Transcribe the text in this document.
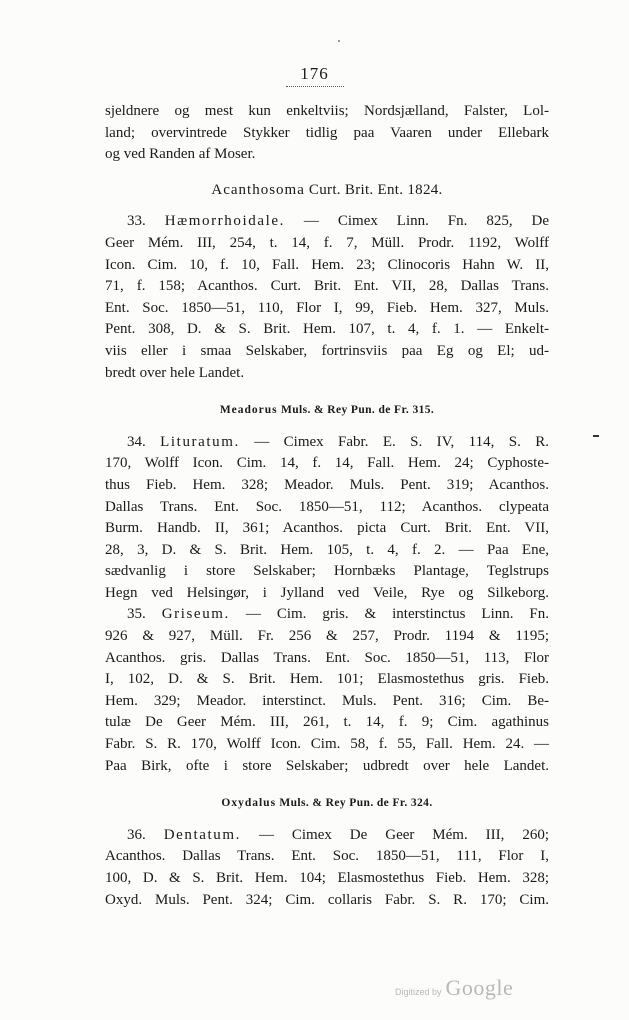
176
sjeldnere og mest kun enkeltviis; Nordsjælland, Falster, Lol-
land; overvintrede Stykker tidlig paa Vaaren under Ellebark
og ved Randen af Moser.
Acanthosoma Curt. Brit. Ent. 1824.
33. Hæmorrhoidale. — Cimex Linn. Fn. 825, De
Geer Mém. III, 254, t. 14, f. 7, Müll. Prodr. 1192, Wolff
Icon. Cim. 10, f. 10, Fall. Hem. 23; Clinocoris Hahn W. II,
71, f. 158; Acanthos. Curt. Brit. Ent. VII, 28, Dallas Trans.
Ent. Soc. 1850—51, 110, Flor I, 99, Fieb. Hem. 327, Muls.
Pent. 308, D. & S. Brit. Hem. 107, t. 4, f. 1. — Enkelt-
viis eller i smaa Selskaber, fortrinsviis paa Eg og El; ud-
bredt over hele Landet.
Meadorus Muls. & Rey Pun. de Fr. 315.
34. Lituratum. — Cimex Fabr. E. S. IV, 114, S. R.
170, Wolff Icon. Cim. 14, f. 14, Fall. Hem. 24; Cyphoste-
thus Fieb. Hem. 328; Meador. Muls. Pent. 319; Acanthos.
Dallas Trans. Ent. Soc. 1850—51, 112; Acanthos. clypeata
Burm. Handb. II, 361; Acanthos. picta Curt. Brit. Ent. VII,
28, 3, D. & S. Brit. Hem. 105, t. 4, f. 2. — Paa Ene,
sædvanlig i store Selskaber; Hornbæks Plantage, Teglstrups
Hegn ved Helsingør, i Jylland ved Veile, Rye og Silkeborg.
35. Griseum. — Cim. gris. & interstinctus Linn. Fn.
926 & 927, Müll. Fr. 256 & 257, Prodr. 1194 & 1195;
Acanthos. gris. Dallas Trans. Ent. Soc. 1850—51, 113, Flor
I, 102, D. & S. Brit. Hem. 101; Elasmostethus gris. Fieb.
Hem. 329; Meador. interstinct. Muls. Pent. 316; Cim. Be-
tulæ De Geer Mém. III, 261, t. 14, f. 9; Cim. agathinus
Fabr. S. R. 170, Wolff Icon. Cim. 58, f. 55, Fall. Hem. 24. —
Paa Birk, ofte i store Selskaber; udbredt over hele Landet.
Oxydalus Muls. & Rey Pun. de Fr. 324.
36. Dentatum. — Cimex De Geer Mém. III, 260;
Acanthos. Dallas Trans. Ent. Soc. 1850—51, 111, Flor I,
100, D. & S. Brit. Hem. 104; Elasmostethus Fieb. Hem. 328;
Oxyd. Muls. Pent. 324; Cim. collaris Fabr. S. R. 170; Cim.
Digitized by Google
